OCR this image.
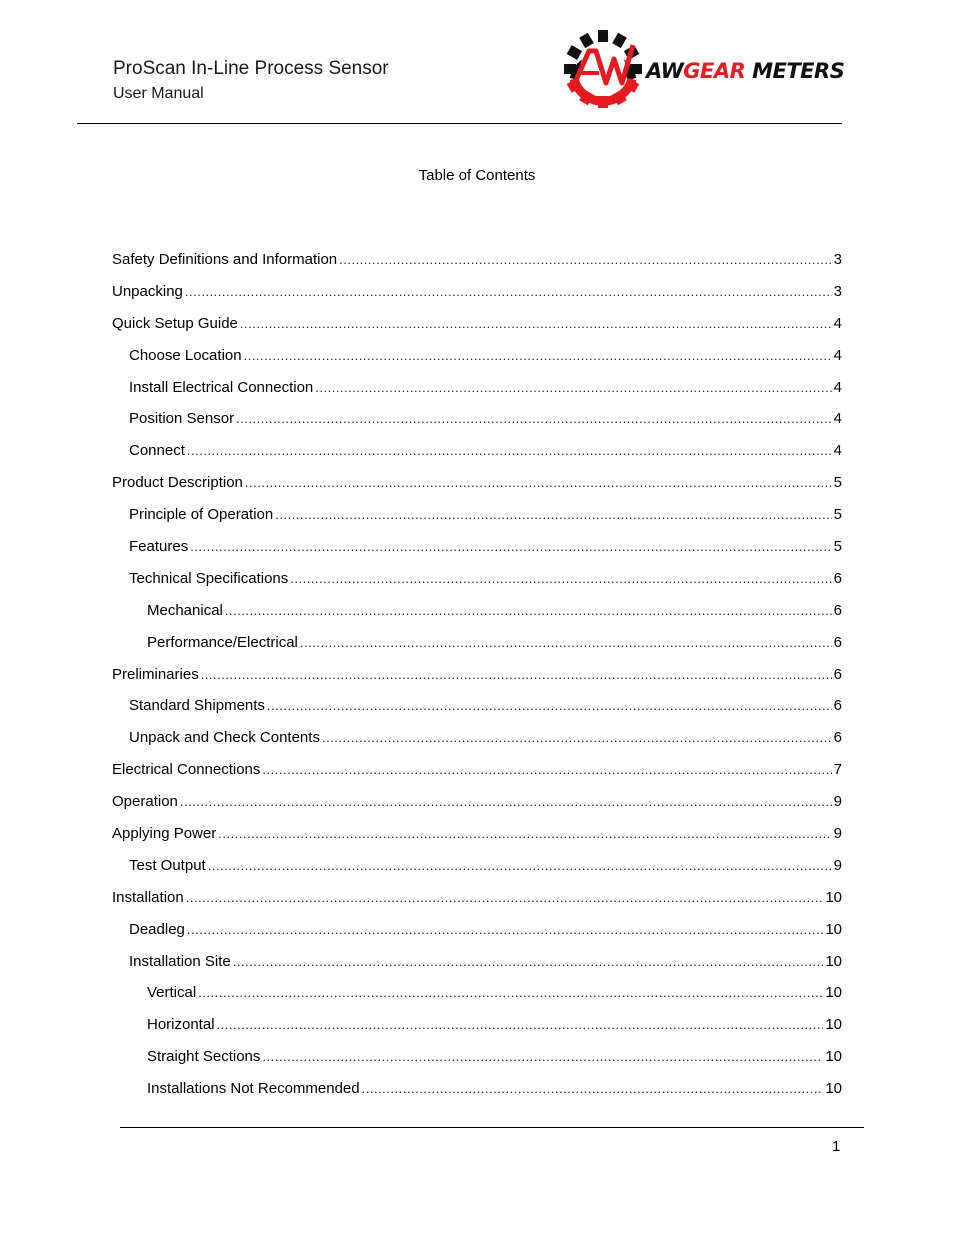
ProScan In-Line Process Sensor
User Manual
AWGEAR METERS
Table of Contents
Safety Definitions and Information .....	3
Unpacking .....	3
Quick Setup Guide .....	4
Choose Location .....	4
Install Electrical Connection .....	4
Position Sensor .....	4
Connect .....	4
Product Description .....	5
Principle of Operation .....	5
Features .....	5
Technical Specifications .....	6
Mechanical .....	6
Performance/Electrical .....	6
Preliminaries .....	6
Standard Shipments .....	6
Unpack and Check Contents .....	6
Electrical Connections .....	7
Operation .....	9
Applying Power .....	9
Test Output .....	9
Installation .....	10
Deadleg .....	10
Installation Site .....	10
Vertical .....	10
Horizontal .....	10
Straight Sections .....	10
Installations Not Recommended .....	10
1
